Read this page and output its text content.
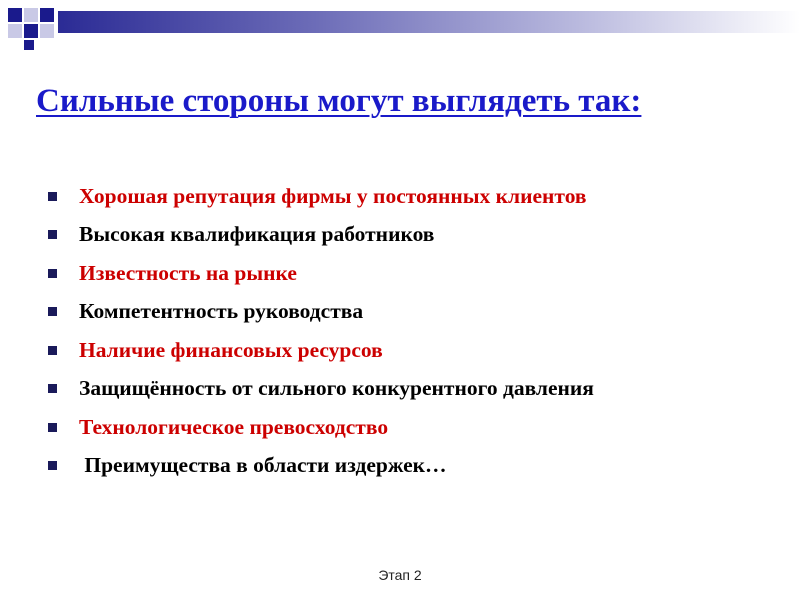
Сильные стороны могут выглядеть так:
Хорошая репутация фирмы у постоянных клиентов
Высокая квалификация работников
Известность на рынке
Компетентность руководства
Наличие финансовых ресурсов
Защищённость от сильного конкурентного давления
Технологическое превосходство
Преимущества в области издержек…
Этап 2
